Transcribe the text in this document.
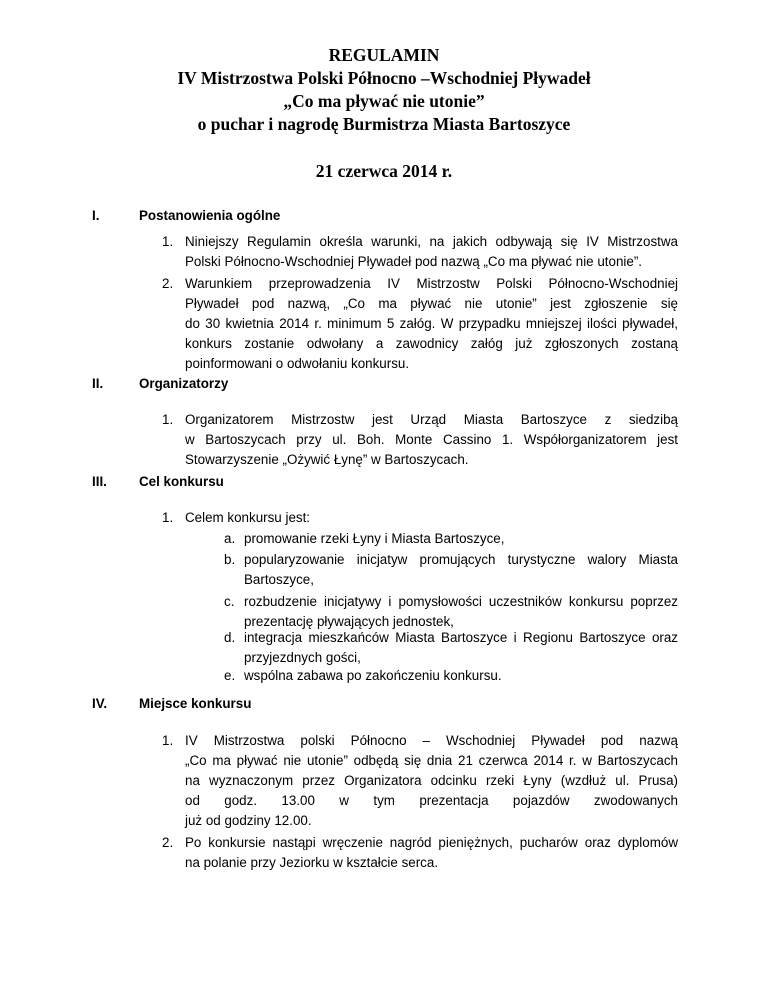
REGULAMIN
IV Mistrzostwa Polski Północno –Wschodniej Pływadeł
„Co ma pływać nie utonie”
o puchar i nagrodę Burmistrza Miasta Bartoszyce
21 czerwca 2014 r.
I.	Postanowienia ogólne
1. Niniejszy Regulamin określa warunki, na jakich odbywają się IV Mistrzostwa
Polski Północno-Wschodniej Pływadeł pod nazwą „Co ma pływać nie utonie”.
2. Warunkiem przeprowadzenia IV Mistrzostw Polski Północno-Wschodniej
Pływadeł pod nazwą, „Co ma pływać nie utonie” jest zgłoszenie się
do 30 kwietnia 2014 r. minimum 5 załóg. W przypadku mniejszej ilości pływadeł,
konkurs zostanie odwołany a zawodnicy załóg już zgłoszonych zostaną
poinformowani o odwołaniu konkursu.
II.	Organizatorzy
1. Organizatorem Mistrzostw jest Urząd Miasta Bartoszyce z siedzibą
w Bartoszycach przy ul. Boh. Monte Cassino 1. Współorganizatorem jest
Stowarzyszenie „Ożywić Łynę” w Bartoszycach.
III. Cel konkursu
1. Celem konkursu jest:
a. promowanie rzeki Łyny i Miasta Bartoszyce,
b. popularyzowanie inicjatyw promujących turystyczne walory Miasta
Bartoszyce,
c. rozbudzenie inicjatywy i pomysłowości uczestników konkursu poprzez
prezentację pływających jednostek,
d. integracja mieszkańców Miasta Bartoszyce i Regionu Bartoszyce oraz
przyjezdnych gości,
e. wspólna zabawa po zakończeniu konkursu.
IV. Miejsce konkursu
1. IV Mistrzostwa polski Północno – Wschodniej Pływadeł pod nazwą
„Co ma pływać nie utonie” odbędą się dnia 21 czerwca 2014 r. w Bartoszycach
na wyznaczonym przez Organizatora odcinku rzeki Łyny (wzdłuż ul. Prusa)
od godz. 13.00 w tym prezentacja pojazdów zwodowanych
już od godziny 12.00.
2. Po konkursie nastąpi wręczenie nagród pieniężnych, pucharów oraz dyplomów
na polanie przy Jeziorku w kształcie serca.
